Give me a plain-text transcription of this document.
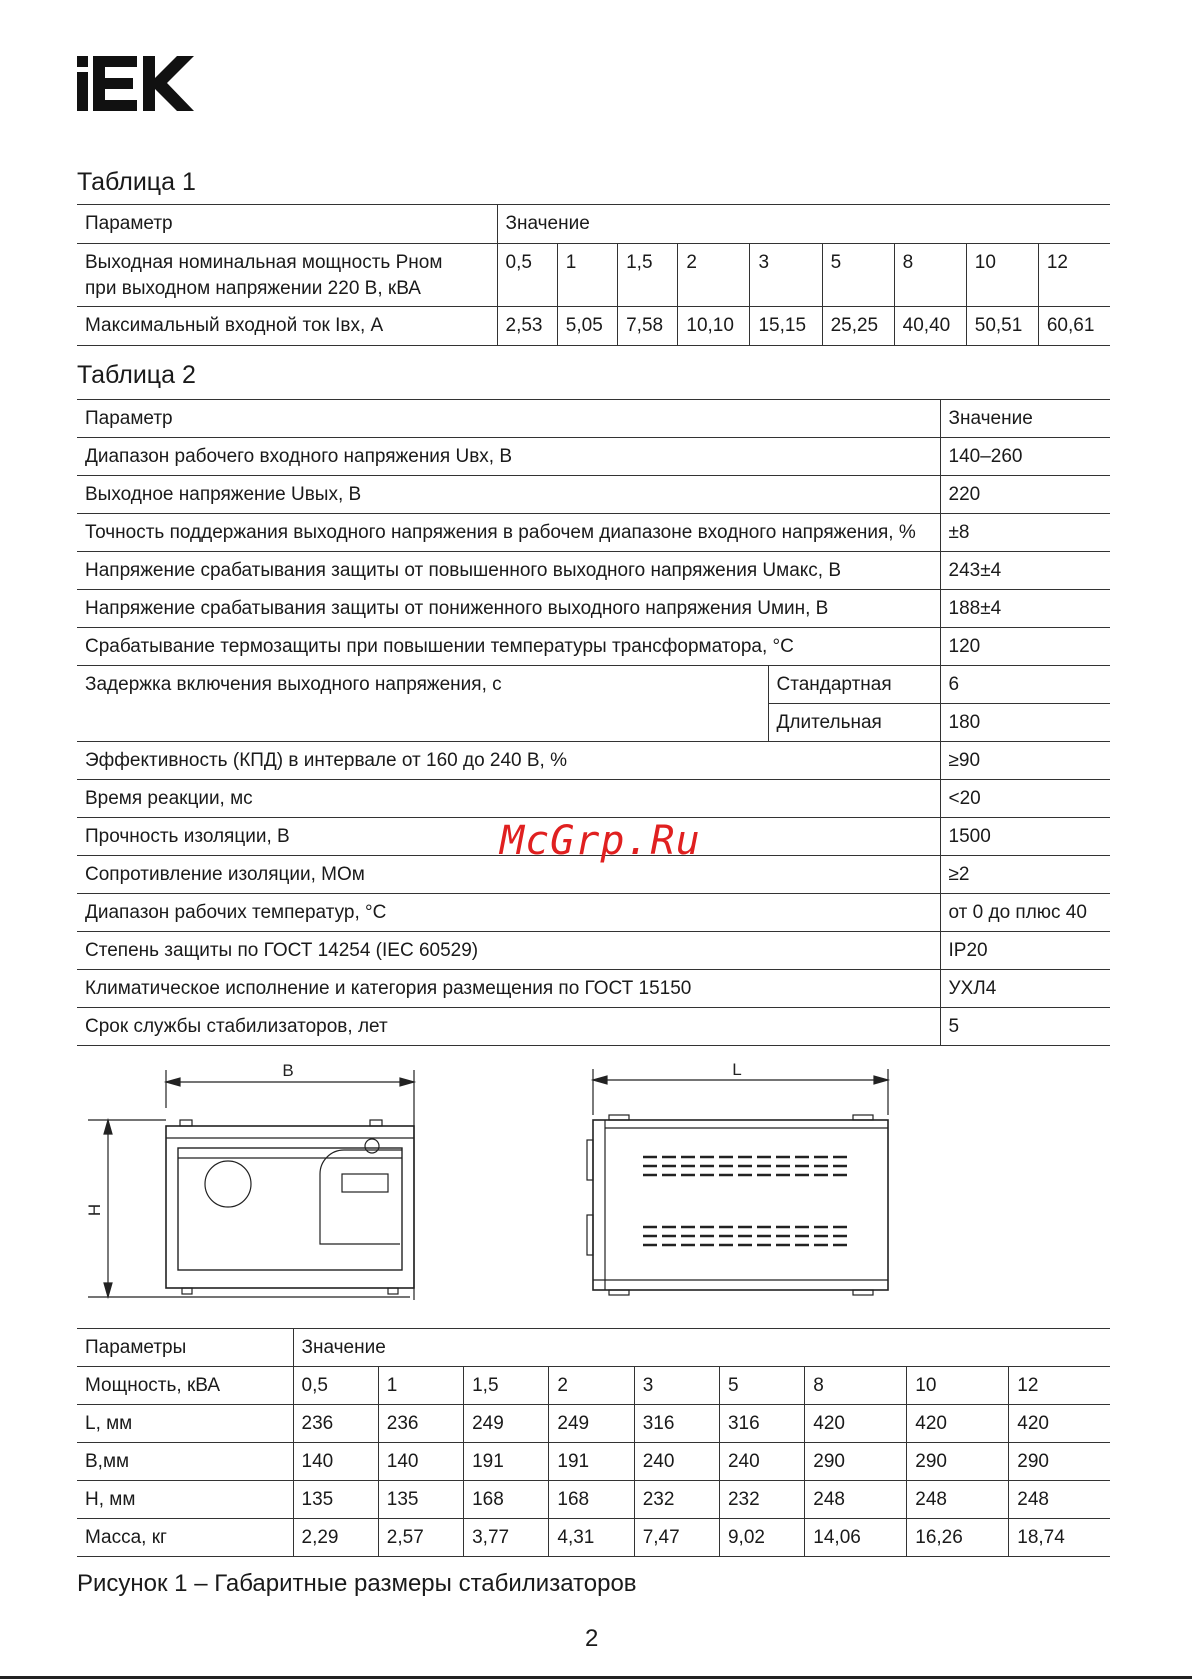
Таблица 1
Параметр	Значение								
Выходная номинальная мощность Pном
при выходном напряжении 220 В, кВА	0,5	1	1,5	2	3	5	8	10	12
Максимальный входной ток Iвх, А	2,53	5,05	7,58	10,10	15,15	25,25	40,40	50,51	60,61
Таблица 2
Параметр		Значение
Диапазон рабочего входного напряжения Uвх, В		140–260
Выходное напряжение Uвых, В		220
Точность поддержания выходного напряжения в рабочем диапазоне входного напряжения, %		±8
Напряжение срабатывания защиты от повышенного выходного напряжения Uмакс, В		243±4
Напряжение срабатывания защиты от пониженного выходного напряжения Uмин, В		188±4
Срабатывание термозащиты при повышении температуры трансформатора, °С		120
Задержка включения выходного напряжения, с	Стандартная	6
	Длительная	180
Эффективность (КПД) в интервале от 160 до 240 В, %		≥90
Время реакции, мс		<20
Прочность изоляции, В		1500
Сопротивление изоляции, МОм		≥2
Диапазон рабочих температур, °С		от 0 до плюс 40
Степень защиты по ГОСТ 14254 (IEC 60529)		IP20
Климатическое исполнение и категория размещения по ГОСТ 15150		УХЛ4
Срок службы стабилизаторов, лет		5
McGrp.Ru
B
H
L
Параметры	Значение								
Мощность, кВА	0,5	1	1,5	2	3	5	8	10	12
L, мм	236	236	249	249	316	316	420	420	420
B,мм	140	140	191	191	240	240	290	290	290
H, мм	135	135	168	168	232	232	248	248	248
Масса, кг	2,29	2,57	3,77	4,31	7,47	9,02	14,06	16,26	18,74
Рисунок 1 – Габаритные размеры стабилизаторов
2
